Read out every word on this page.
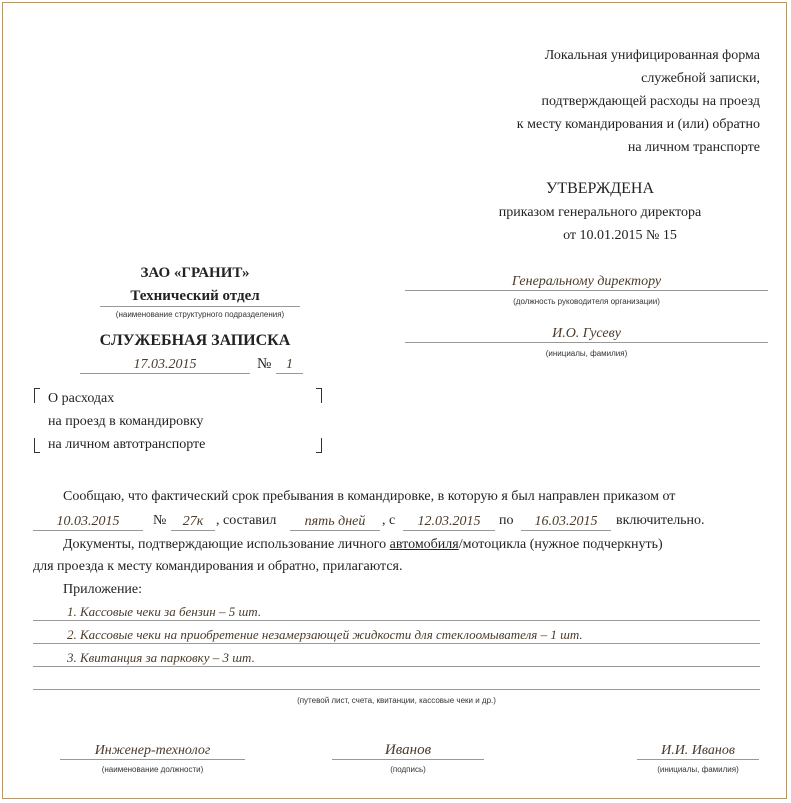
Локальная унифицированная форма
служебной записки,
подтверждающей расходы на проезд
к месту командирования и (или) обратно
на личном транспорте
УТВЕРЖДЕНА
приказом генерального директора
от 10.01.2015 № 15
ЗАО «ГРАНИТ»
Технический отдел
(наименование структурного подразделения)
Генеральному директору
(должность руководителя организации)
И.О. Гусеву
(инициалы, фамилия)
СЛУЖЕБНАЯ ЗАПИСКА
17.03.2015	№	1
О расходах
на проезд в командировку
на личном автотранспорте
Сообщаю, что фактический срок пребывания в командировке, в которую я был направлен приказом от
10.03.2015	№	27к , составил	пять дней	, с	12.03.2015	по	16.03.2015	включительно.
Документы, подтверждающие использование личного автомобиля/мотоцикла (нужное подчеркнуть)
для проезда к месту командирования и обратно, прилагаются.
Приложение:
1. Кассовые чеки за бензин – 5 шт.
2. Кассовые чеки на приобретение незамерзающей жидкости для стеклоомывателя – 1 шт.
3. Квитанция за парковку – 3 шт.
(путевой лист, счета, квитанции, кассовые чеки и др.)
Инженер-технолог
(наименование должности)
Иванов
(подпись)
И.И. Иванов
(инициалы, фамилия)
